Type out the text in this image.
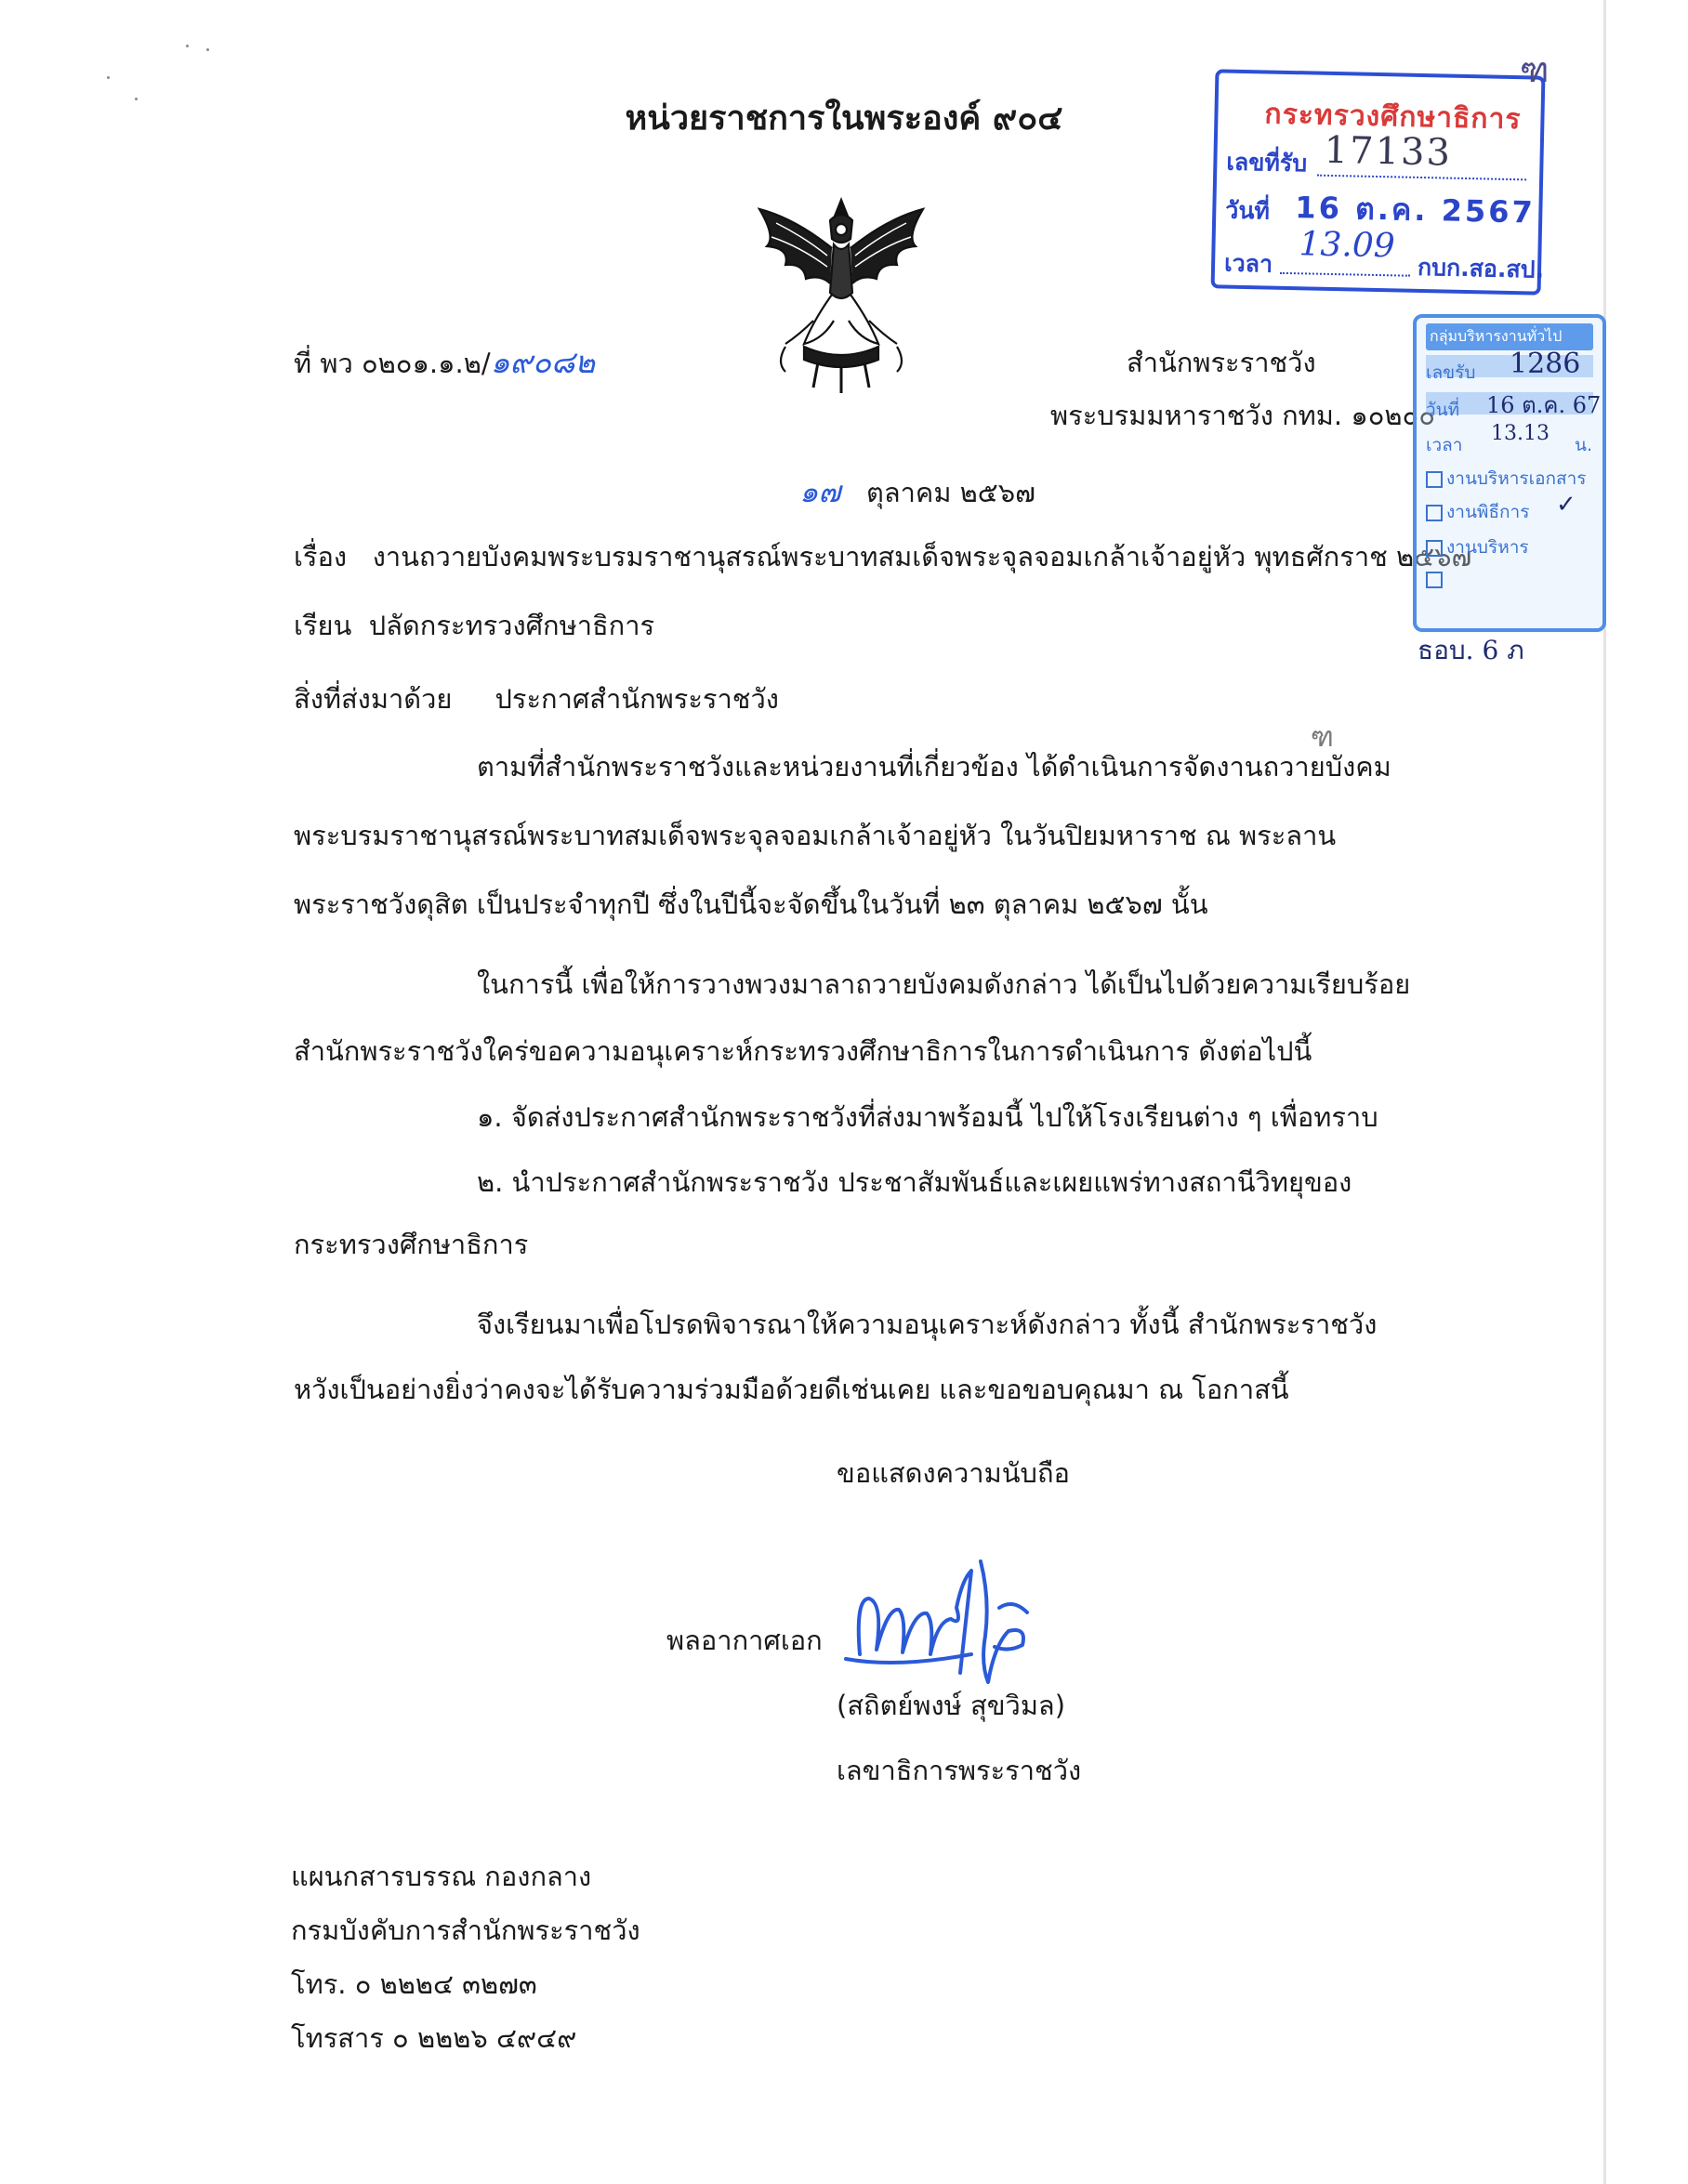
หน่วยราชการในพระองค์ ๙๐๔
ที่ พว ๐๒๐๑.๑.๒/๑๙๐๘๒	สำนักพระราชวัง
พระบรมมหาราชวัง กทม. ๑๐๒๐๐
๑๗ ตุลาคม ๒๕๖๗
เรื่อง งานถวายบังคมพระบรมราชานุสรณ์พระบาทสมเด็จพระจุลจอมเกล้าเจ้าอยู่หัว พุทธศักราช ๒๕๖๗
เรียน ปลัดกระทรวงศึกษาธิการ
สิ่งที่ส่งมาด้วย ประกาศสำนักพระราชวัง
ตามที่สำนักพระราชวังและหน่วยงานที่เกี่ยวข้อง ได้ดำเนินการจัดงานถวายบังคม
พระบรมราชานุสรณ์พระบาทสมเด็จพระจุลจอมเกล้าเจ้าอยู่หัว ในวันปิยมหาราช ณ พระลาน
พระราชวังดุสิต เป็นประจำทุกปี ซึ่งในปีนี้จะจัดขึ้นในวันที่ ๒๓ ตุลาคม ๒๕๖๗ นั้น
ในการนี้ เพื่อให้การวางพวงมาลาถวายบังคมดังกล่าว ได้เป็นไปด้วยความเรียบร้อย
สำนักพระราชวังใคร่ขอความอนุเคราะห์กระทรวงศึกษาธิการในการดำเนินการ ดังต่อไปนี้
๑. จัดส่งประกาศสำนักพระราชวังที่ส่งมาพร้อมนี้ ไปให้โรงเรียนต่าง ๆ เพื่อทราบ
๒. นำประกาศสำนักพระราชวัง ประชาสัมพันธ์และเผยแพร่ทางสถานีวิทยุของ
กระทรวงศึกษาธิการ
จึงเรียนมาเพื่อโปรดพิจารณาให้ความอนุเคราะห์ดังกล่าว ทั้งนี้ สำนักพระราชวัง
หวังเป็นอย่างยิ่งว่าคงจะได้รับความร่วมมือด้วยดีเช่นเคย และขอขอบคุณมา ณ โอกาสนี้
ขอแสดงความนับถือ
พลอากาศเอก
(สถิตย์พงษ์ สุขวิมล)
เลขาธิการพระราชวัง
แผนกสารบรรณ กองกลาง
กรมบังคับการสำนักพระราชวัง
โทร. ๐ ๒๒๒๔ ๓๒๗๓
โทรสาร ๐ ๒๒๒๖ ๔๙๔๙
กระทรวงศึกษาธิการ
เลขที่รับ 17133
วันที่ 16 ต.ค. 2567
เวลา 13.09
กบก.สอ.สป.
กลุ่มบริหารงานทั่วไป
เลขรับ	1286
วันที่	16 ต.ค. 67
เวลา	13.13 น.
งานบริหารเอกสาร
งานพิธีการ	✓
งานบริหาร
ธอบ. 6 ภ
ฑ
ฑ
